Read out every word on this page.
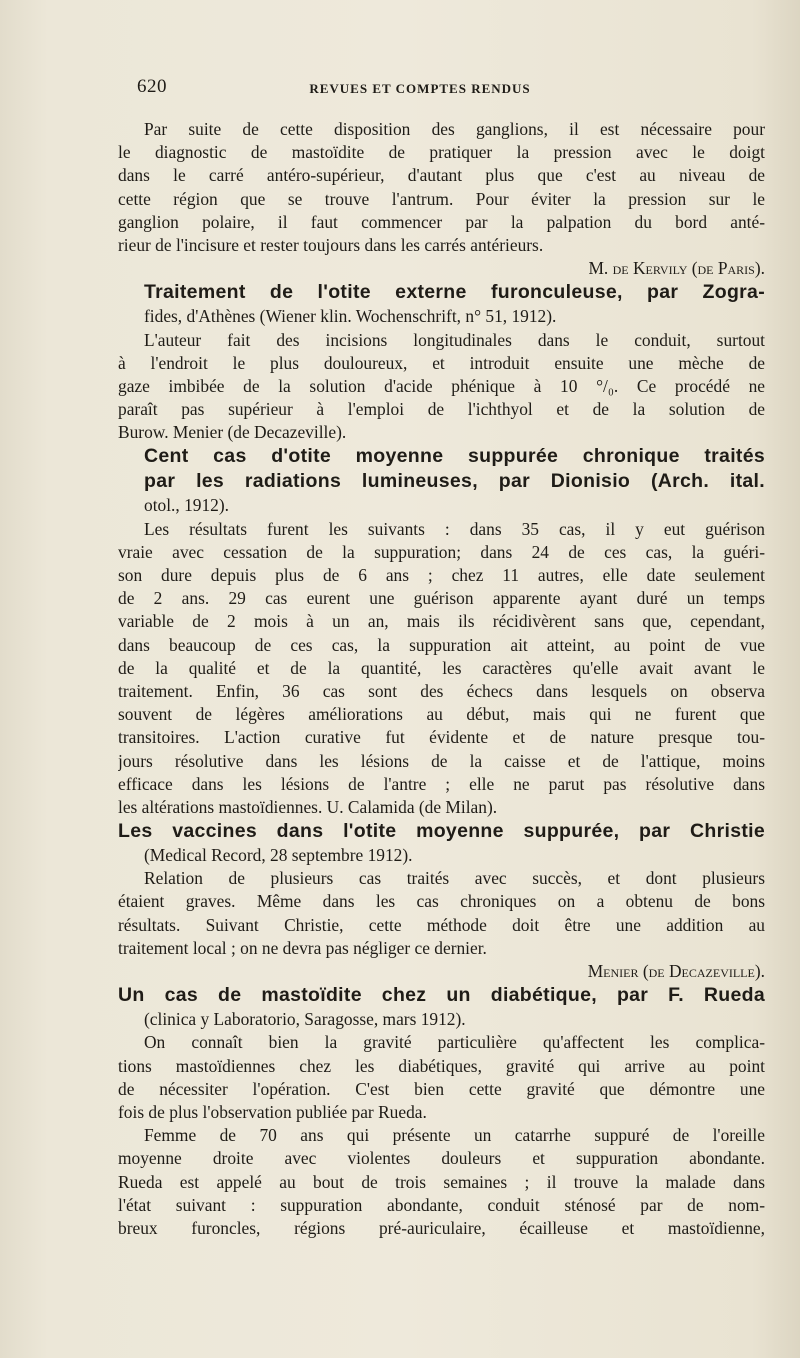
620	REVUES ET COMPTES RENDUS
Par suite de cette disposition des ganglions, il est nécessaire pour
le diagnostic de mastoïdite de pratiquer la pression avec le doigt
dans le carré antéro-supérieur, d'autant plus que c'est au niveau de
cette région que se trouve l'antrum. Pour éviter la pression sur le
ganglion polaire, il faut commencer par la palpation du bord anté-
rieur de l'incisure et rester toujours dans les carrés antérieurs.
M. de Kervily (de Paris).
Traitement de l'otite externe furonculeuse, par Zogra-
fides, d'Athènes (Wiener klin. Wochenschrift, n° 51, 1912).
L'auteur fait des incisions longitudinales dans le conduit, surtout
à l'endroit le plus douloureux, et introduit ensuite une mèche de
gaze imbibée de la solution d'acide phénique à 10 °/₀. Ce procédé ne
paraît pas supérieur à l'emploi de l'ichthyol et de la solution de
Burow. Menier (de Decazeville).
Cent cas d'otite moyenne suppurée chronique traités
par les radiations lumineuses, par Dionisio (Arch. ital.
otol., 1912).
Les résultats furent les suivants : dans 35 cas, il y eut guérison
vraie avec cessation de la suppuration; dans 24 de ces cas, la guéri-
son dure depuis plus de 6 ans ; chez 11 autres, elle date seulement
de 2 ans. 29 cas eurent une guérison apparente ayant duré un temps
variable de 2 mois à un an, mais ils récidivèrent sans que, cependant,
dans beaucoup de ces cas, la suppuration ait atteint, au point de vue
de la qualité et de la quantité, les caractères qu'elle avait avant le
traitement. Enfin, 36 cas sont des échecs dans lesquels on observa
souvent de légères améliorations au début, mais qui ne furent que
transitoires. L'action curative fut évidente et de nature presque tou-
jours résolutive dans les lésions de la caisse et de l'attique, moins
efficace dans les lésions de l'antre ; elle ne parut pas résolutive dans
les altérations mastoïdiennes. U. Calamida (de Milan).
Les vaccines dans l'otite moyenne suppurée, par Christie
(Medical Record, 28 septembre 1912).
Relation de plusieurs cas traités avec succès, et dont plusieurs
étaient graves. Même dans les cas chroniques on a obtenu de bons
résultats. Suivant Christie, cette méthode doit être une addition au
traitement local ; on ne devra pas négliger ce dernier.
Menier (de Decazeville).
Un cas de mastoïdite chez un diabétique, par F. Rueda
(clinica y Laboratorio, Saragosse, mars 1912).
On connaît bien la gravité particulière qu'affectent les complica-
tions mastoïdiennes chez les diabétiques, gravité qui arrive au point
de nécessiter l'opération. C'est bien cette gravité que démontre une
fois de plus l'observation publiée par Rueda.
Femme de 70 ans qui présente un catarrhe suppuré de l'oreille
moyenne droite avec violentes douleurs et suppuration abondante.
Rueda est appelé au bout de trois semaines ; il trouve la malade dans
l'état suivant : suppuration abondante, conduit sténosé par de nom-
breux furoncles, régions pré-auriculaire, écailleuse et mastoïdienne,
